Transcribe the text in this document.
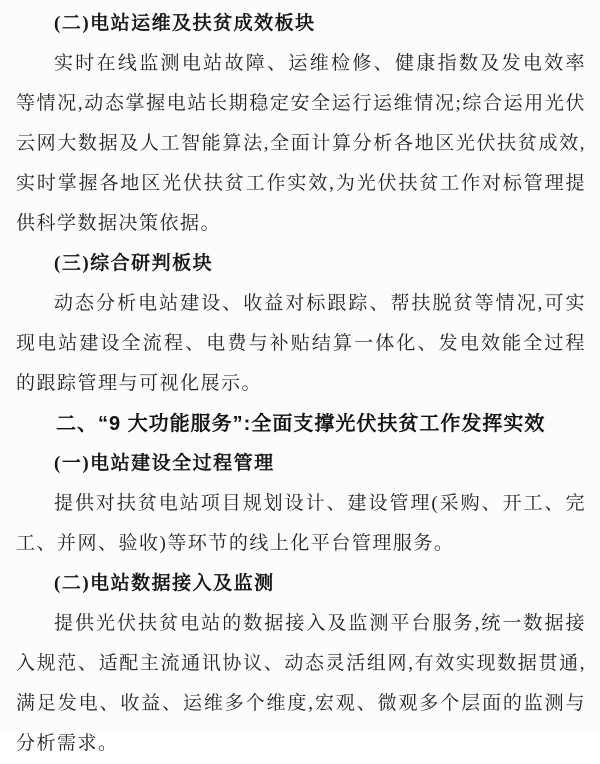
(二)电站运维及扶贫成效板块

实时在线监测电站故障、运维检修、健康指数及发电效率等情况,动态掌握电站长期稳定安全运行运维情况;综合运用光伏云网大数据及人工智能算法,全面计算分析各地区光伏扶贫成效,实时掌握各地区光伏扶贫工作实效,为光伏扶贫工作对标管理提供科学数据决策依据。

(三)综合研判板块

动态分析电站建设、收益对标跟踪、帮扶脱贫等情况,可实现电站建设全流程、电费与补贴结算一体化、发电效能全过程的跟踪管理与可视化展示。

二、“9 大功能服务”:全面支撑光伏扶贫工作发挥实效
(一)电站建设全过程管理

提供对扶贫电站项目规划设计、建设管理(采购、开工、完工、并网、验收)等环节的线上化平台管理服务。

(二)电站数据接入及监测

提供光伏扶贫电站的数据接入及监测平台服务,统一数据接入规范、适配主流通讯协议、动态灵活组网,有效实现数据贯通,满足发电、收益、运维多个维度,宏观、微观多个层面的监测与分析需求。
